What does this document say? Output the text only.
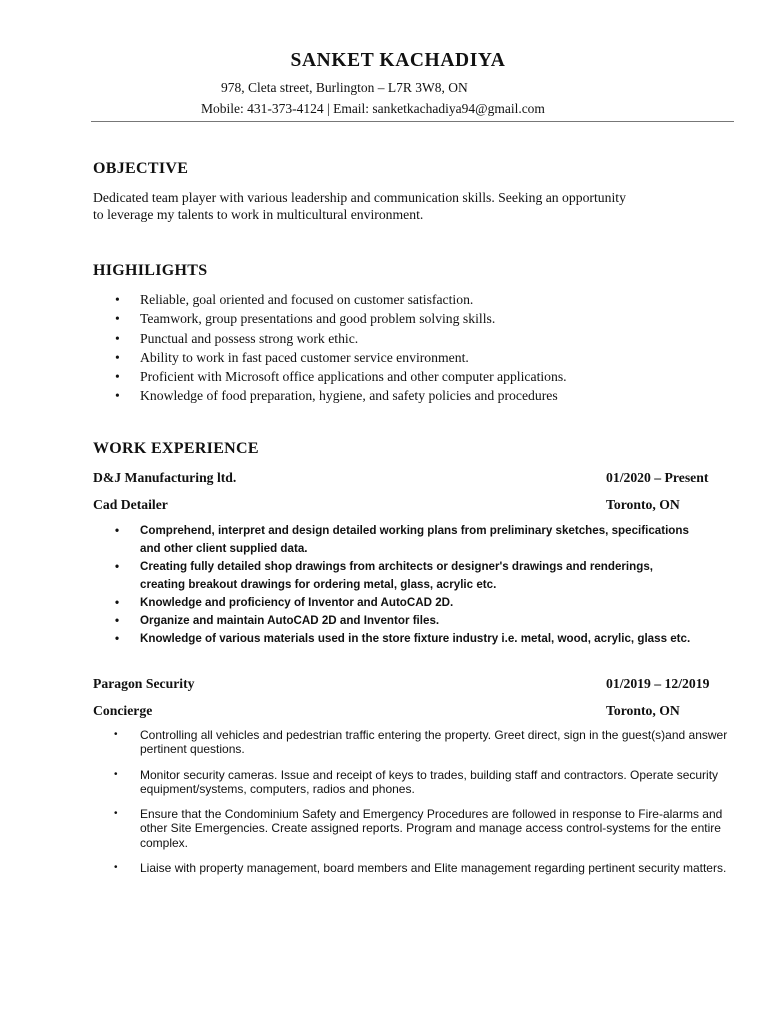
SANKET KACHADIYA
978, Cleta street, Burlington – L7R 3W8, ON
Mobile: 431-373-4124 | Email: sanketkachadiya94@gmail.com
OBJECTIVE
Dedicated team player with various leadership and communication skills. Seeking an opportunity
to leverage my talents to work in multicultural environment.
HIGHILIGHTS
• Reliable, goal oriented and focused on customer satisfaction.
• Teamwork, group presentations and good problem solving skills.
• Punctual and possess strong work ethic.
• Ability to work in fast paced customer service environment.
• Proficient with Microsoft office applications and other computer applications.
• Knowledge of food preparation, hygiene, and safety policies and procedures
WORK EXPERIENCE
D&J Manufacturing ltd.	01/2020 – Present
Cad Detailer	Toronto, ON
• Comprehend, interpret and design detailed working plans from preliminary sketches, specifications and other client supplied data.
• Creating fully detailed shop drawings from architects or designer's drawings and renderings, creating breakout drawings for ordering metal, glass, acrylic etc.
• Knowledge and proficiency of Inventor and AutoCAD 2D.
• Organize and maintain AutoCAD 2D and Inventor files.
• Knowledge of various materials used in the store fixture industry i.e. metal, wood, acrylic, glass etc.
Paragon Security	01/2019 – 12/2019
Concierge	Toronto, ON
• Controlling all vehicles and pedestrian traffic entering the property. Greet direct, sign in the guest(s)and answer pertinent questions.
• Monitor security cameras. Issue and receipt of keys to trades, building staff and contractors. Operate security equipment/systems, computers, radios and phones.
• Ensure that the Condominium Safety and Emergency Procedures are followed in response to Fire-alarms and other Site Emergencies. Create assigned reports. Program and manage access control-systems for the entire complex.
• Liaise with property management, board members and Elite management regarding pertinent security matters.
